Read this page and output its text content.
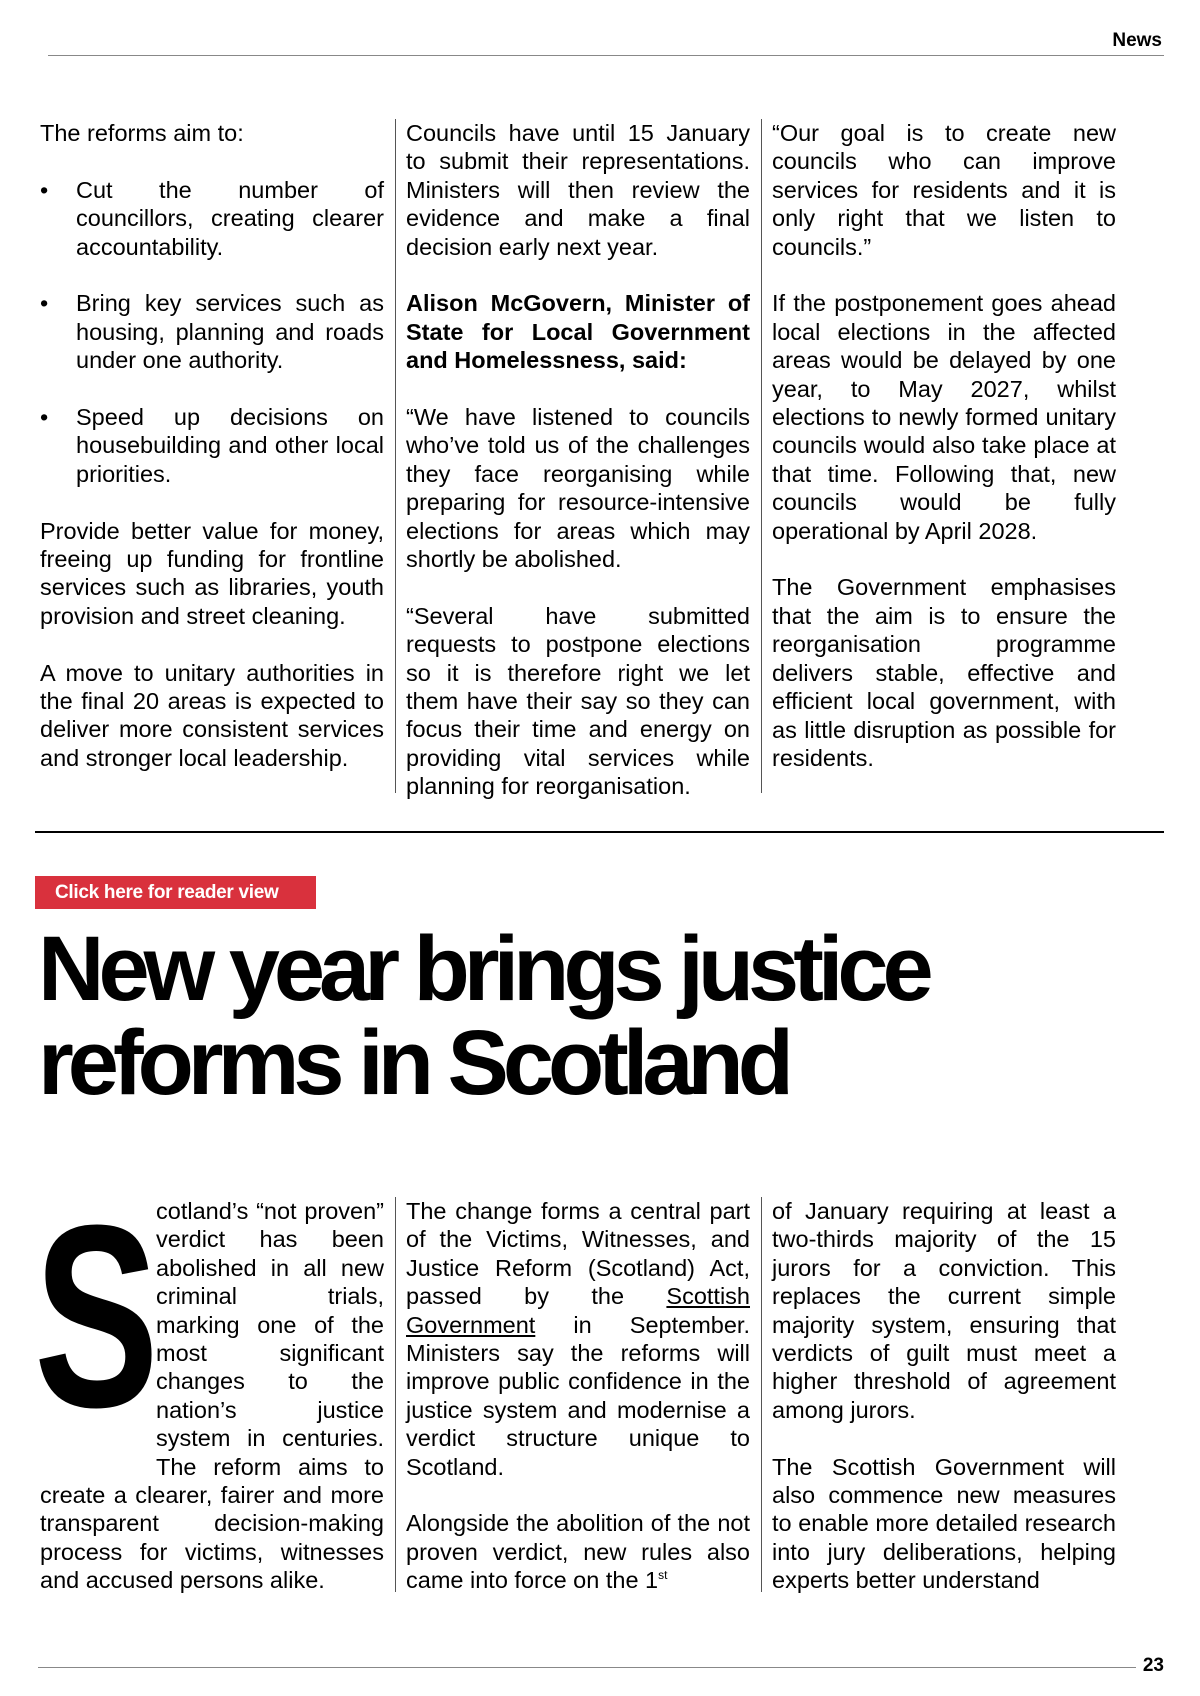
News

The reforms aim to:

• Cut the number of councillors, creating clearer accountability.
• Bring key services such as housing, planning and roads under one authority.
• Speed up decisions on housebuilding and other local priorities.

Provide better value for money, freeing up funding for frontline services such as libraries, youth provision and street cleaning.

A move to unitary authorities in the final 20 areas is expected to deliver more consistent services and stronger local leadership.

Councils have until 15 January to submit their representations. Ministers will then review the evidence and make a final decision early next year.

Alison McGovern, Minister of State for Local Government and Homelessness, said:

“We have listened to councils who’ve told us of the challenges they face reorganising while preparing for resource-intensive elections for areas which may shortly be abolished.

“Several have submitted requests to postpone elections so it is therefore right we let them have their say so they can focus their time and energy on providing vital services while planning for reorganisation.

“Our goal is to create new councils who can improve services for residents and it is only right that we listen to councils.”

If the postponement goes ahead local elections in the affected areas would be delayed by one year, to May 2027, whilst elections to newly formed unitary councils would also take place at that time. Following that, new councils would be fully operational by April 2028.

The Government emphasises that the aim is to ensure the reorganisation programme delivers stable, effective and efficient local government, with as little disruption as possible for residents.

Click here for reader view
New year brings justice
reforms in Scotland

S
cotland’s “not proven” verdict has been abolished in all new criminal trials, marking one of the most significant changes to the nation’s justice system in centuries. The reform aims to create a clearer, fairer and more transparent decision-making process for victims, witnesses and accused persons alike.

The change forms a central part of the Victims, Witnesses, and Justice Reform (Scotland) Act, passed by the Scottish Government in September. Ministers say the reforms will improve public confidence in the justice system and modernise a verdict structure unique to Scotland.

Alongside the abolition of the not proven verdict, new rules also came into force on the 1st

of January requiring at least a two-thirds majority of the 15 jurors for a conviction. This replaces the current simple majority system, ensuring that verdicts of guilt must meet a higher threshold of agreement among jurors.

The Scottish Government will also commence new measures to enable more detailed research into jury deliberations, helping experts better understand

23
